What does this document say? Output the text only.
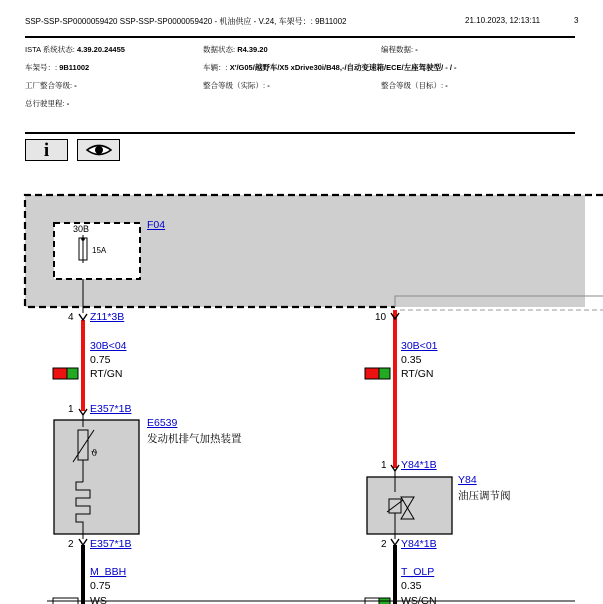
SSP-SSP-SP0000059420 SSP-SSP-SP0000059420 - 机油供应 - V.24, 车架号：: 9B11002	21.10.2023, 12:13:11	3
ISTA 系统状态: 4.39.20.24455	数据状态: R4.39.20	编程数据: -
车架号：: 9B11002	车辆：: X'/G05/越野车/X5 xDrive30i/B48,-/自动变速箱/ECE/左座驾驶型/ - / -
工厂整合等级: -	整合等级（实际）: -	整合等级（目标）: -
总行驶里程: -
i
ϑ
30B
15A
F04
4 Z11*3B
30B<04
0.75
RT/GN
1 E357*1B
E6539
发动机排气加热装置
2 E357*1B
M_BBH
0.75
WS
10
30B<01
0.35
RT/GN
1 Y84*1B
Y84
油压调节阀
2 Y84*1B
T_OLP
0.35
WS/GN
